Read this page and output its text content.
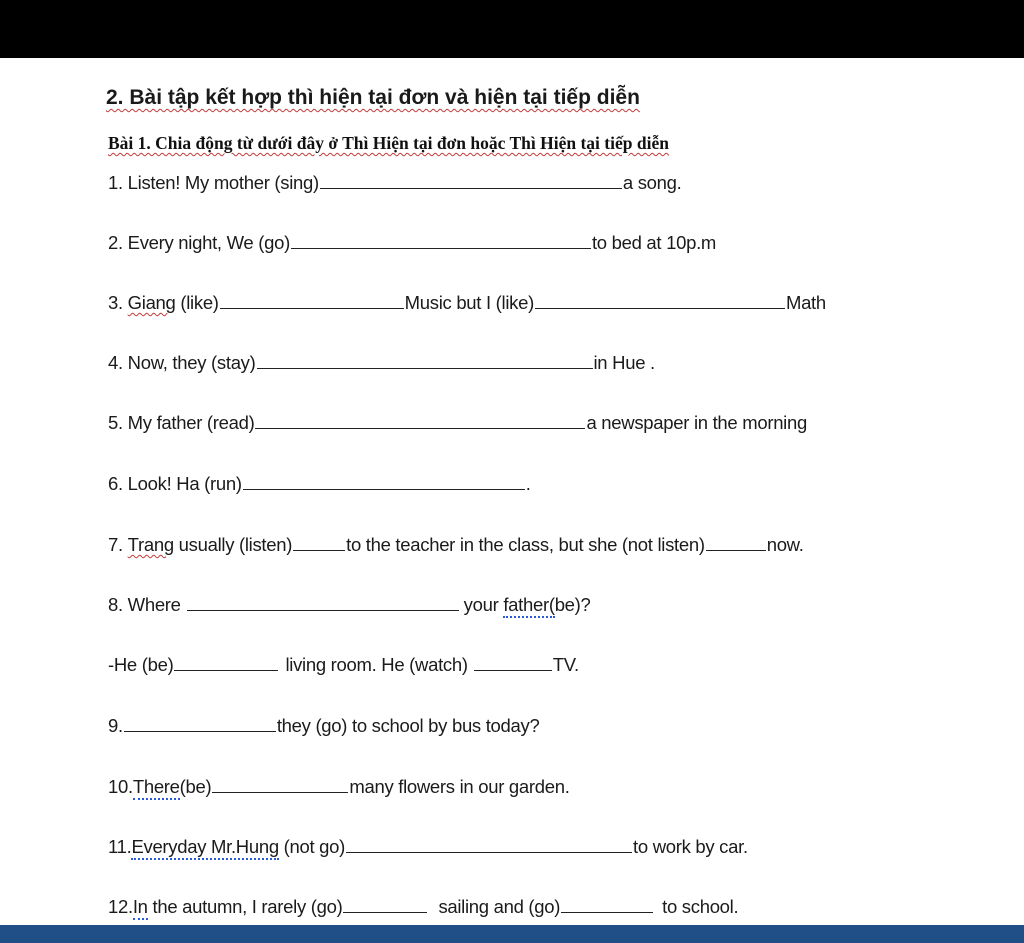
2. Bài tập kết hợp thì hiện tại đơn và hiện tại tiếp diễn
Bài 1. Chia động từ dưới đây ở Thì Hiện tại đơn hoặc Thì Hiện tại tiếp diễn
1. Listen! My mother (sing)	a song.
2. Every night, We (go)	to bed at 10p.m
3. Giang (like)	Music but I (like)	Math
4. Now, they (stay)	in Hue .
5. My father (read)	a newspaper in the morning
6. Look! Ha (run)	.
7. Trang usually (listen)	to the teacher in the class, but she (not listen)	now.
8. Where	your father(be)?
-He (be)	living room. He (watch)	TV.
9.	they (go) to school by bus today?
10.There(be)	many flowers in our garden.
11.Everyday Mr.Hung (not go)	to work by car.
12.In the autumn, I rarely (go)	sailing and (go)	to school.
